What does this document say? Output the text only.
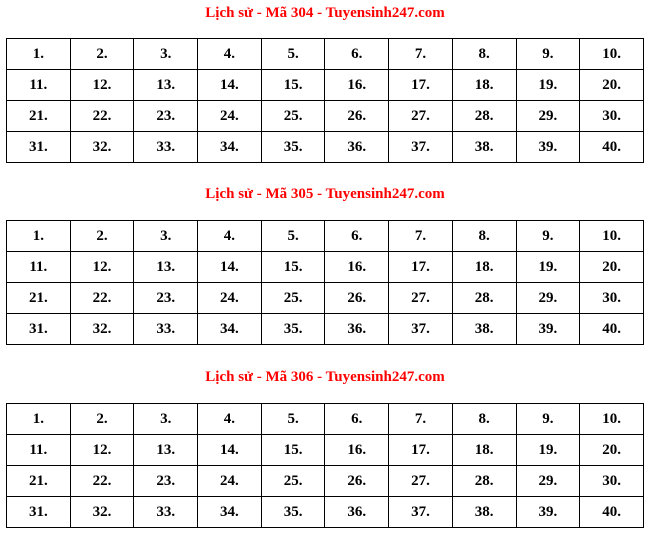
Lịch sử - Mã 304 - Tuyensinh247.com
1.	2.	3.	4.	5.	6.	7.	8.	9.	10.
11.	12.	13.	14.	15.	16.	17.	18.	19.	20.
21.	22.	23.	24.	25.	26.	27.	28.	29.	30.
31.	32.	33.	34.	35.	36.	37.	38.	39.	40.
Lịch sử - Mã 305 - Tuyensinh247.com
1.	2.	3.	4.	5.	6.	7.	8.	9.	10.
11.	12.	13.	14.	15.	16.	17.	18.	19.	20.
21.	22.	23.	24.	25.	26.	27.	28.	29.	30.
31.	32.	33.	34.	35.	36.	37.	38.	39.	40.
Lịch sử - Mã 306 - Tuyensinh247.com
1.	2.	3.	4.	5.	6.	7.	8.	9.	10.
11.	12.	13.	14.	15.	16.	17.	18.	19.	20.
21.	22.	23.	24.	25.	26.	27.	28.	29.	30.
31.	32.	33.	34.	35.	36.	37.	38.	39.	40.
